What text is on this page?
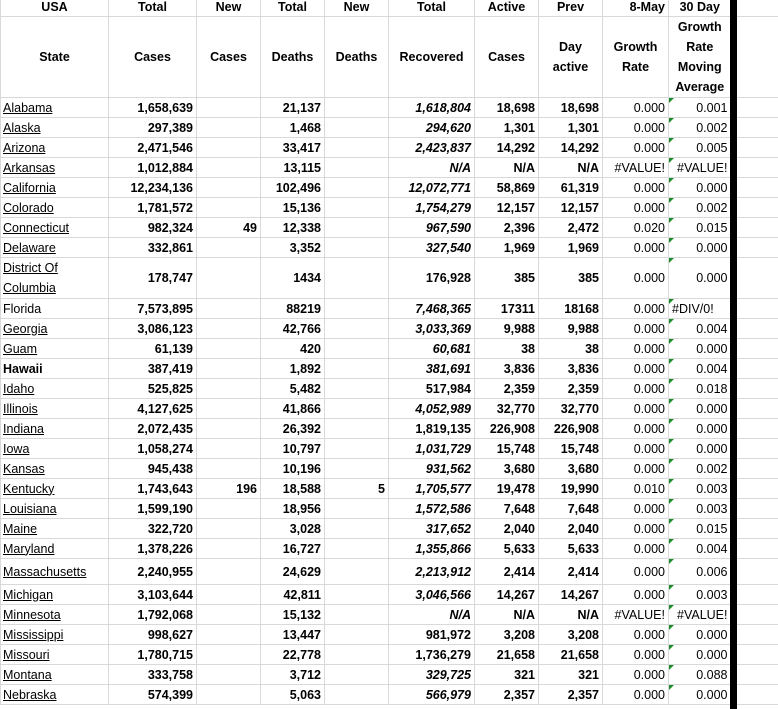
USA	Total	New	Total	New	Total	Active	Prev	8-May	30 Day
State	Cases	Cases	Deaths	Deaths	Recovered	Cases	Day active	Growth Rate	Growth Rate Moving Average
Alabama	1,658,639		21,137		1,618,804	18,698	18,698	0.000	0.001
Alaska	297,389		1,468		294,620	1,301	1,301	0.000	0.002
Arizona	2,471,546		33,417		2,423,837	14,292	14,292	0.000	0.005
Arkansas	1,012,884		13,115		N/A	N/A	N/A	#VALUE!	#VALUE!
California	12,234,136		102,496		12,072,771	58,869	61,319	0.000	0.000
Colorado	1,781,572		15,136		1,754,279	12,157	12,157	0.000	0.002
Connecticut	982,324	49	12,338		967,590	2,396	2,472	0.020	0.015
Delaware	332,861		3,352		327,540	1,969	1,969	0.000	0.000
District Of Columbia	178,747		1434		176,928	385	385	0.000	0.000
Florida	7,573,895		88219		7,468,365	17311	18168	0.000	#DIV/0!
Georgia	3,086,123		42,766		3,033,369	9,988	9,988	0.000	0.004
Guam	61,139		420		60,681	38	38	0.000	0.000
Hawaii	387,419		1,892		381,691	3,836	3,836	0.000	0.004
Idaho	525,825		5,482		517,984	2,359	2,359	0.000	0.018
Illinois	4,127,625		41,866		4,052,989	32,770	32,770	0.000	0.000
Indiana	2,072,435		26,392		1,819,135	226,908	226,908	0.000	0.000
Iowa	1,058,274		10,797		1,031,729	15,748	15,748	0.000	0.000
Kansas	945,438		10,196		931,562	3,680	3,680	0.000	0.002
Kentucky	1,743,643	196	18,588	5	1,705,577	19,478	19,990	0.010	0.003
Louisiana	1,599,190		18,956		1,572,586	7,648	7,648	0.000	0.003
Maine	322,720		3,028		317,652	2,040	2,040	0.000	0.015
Maryland	1,378,226		16,727		1,355,866	5,633	5,633	0.000	0.004
Massachusetts	2,240,955		24,629		2,213,912	2,414	2,414	0.000	0.006
Michigan	3,103,644		42,811		3,046,566	14,267	14,267	0.000	0.003
Minnesota	1,792,068		15,132		N/A	N/A	N/A	#VALUE!	#VALUE!
Mississippi	998,627		13,447		981,972	3,208	3,208	0.000	0.000
Missouri	1,780,715		22,778		1,736,279	21,658	21,658	0.000	0.000
Montana	333,758		3,712		329,725	321	321	0.000	0.088
Nebraska	574,399		5,063		566,979	2,357	2,357	0.000	0.000
